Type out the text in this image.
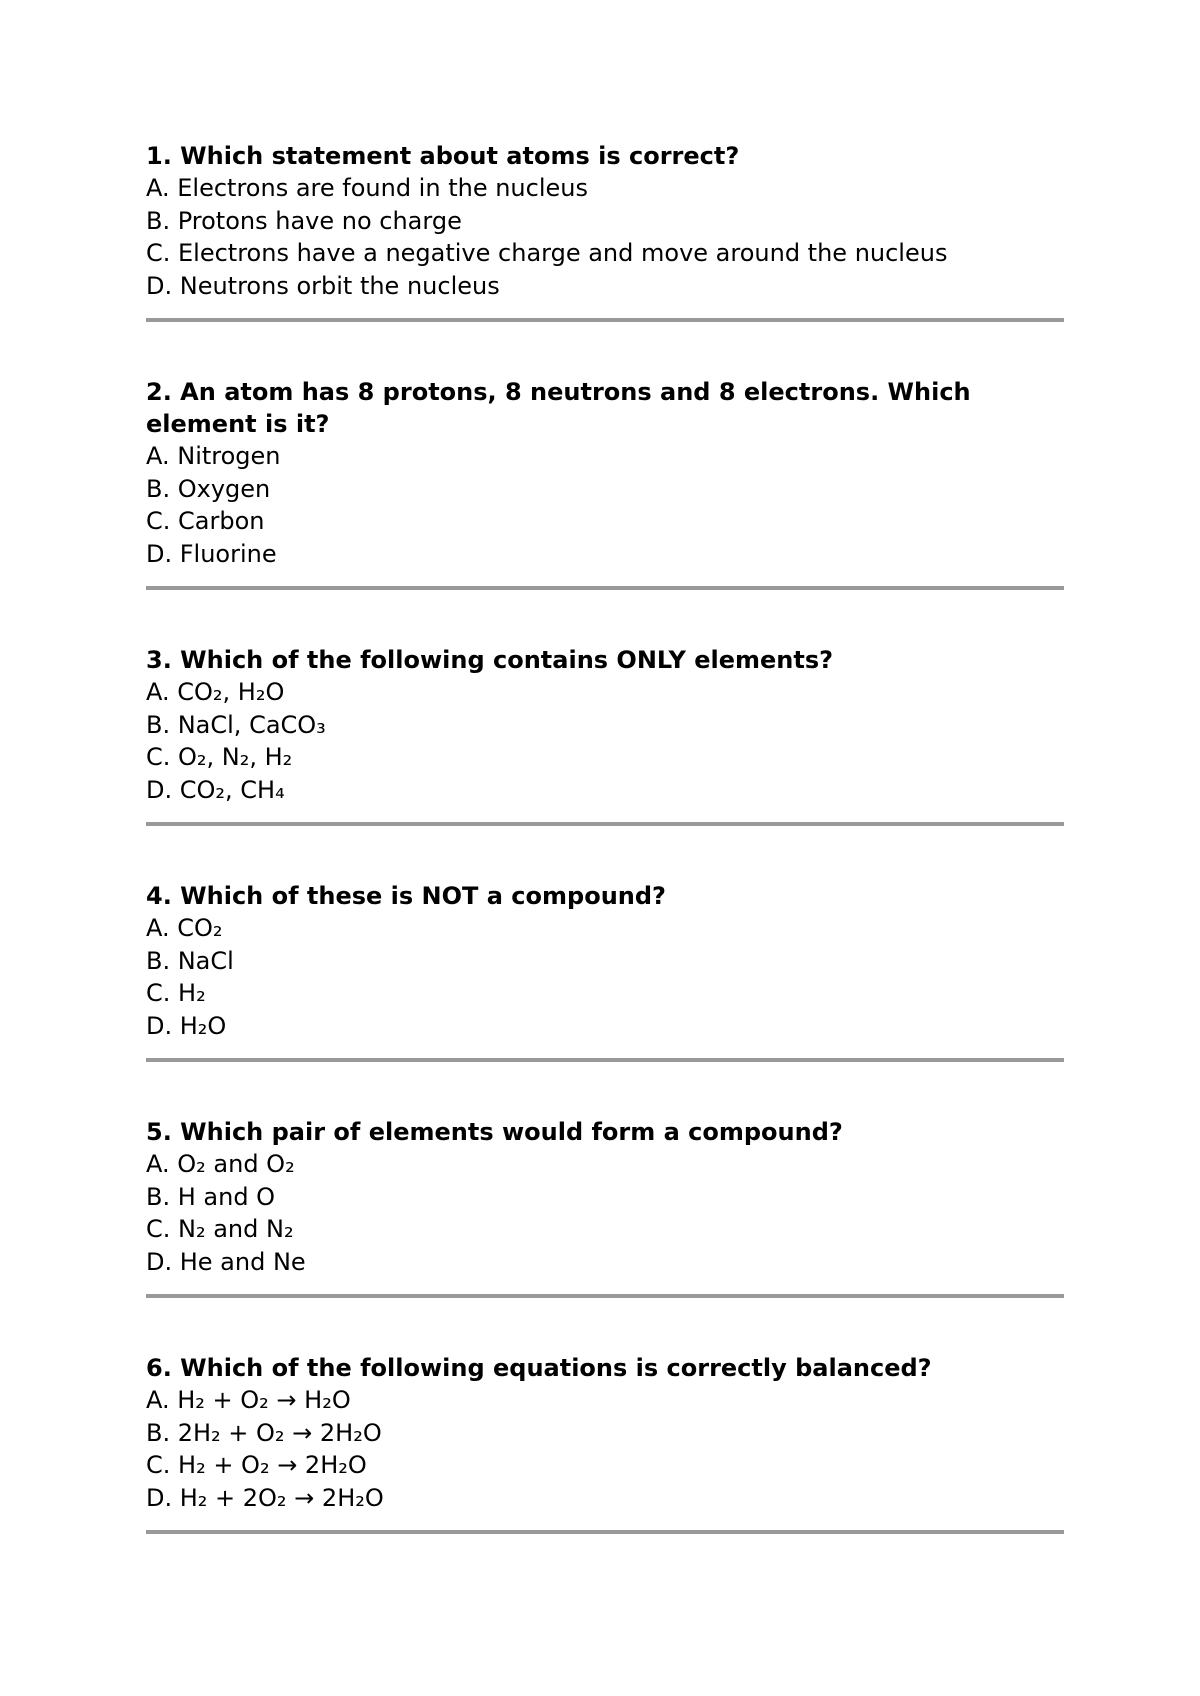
1. Which statement about atoms is correct?

A. Electrons are found in the nucleus
B. Protons have no charge
C. Electrons have a negative charge and move around the nucleus
D. Neutrons orbit the nucleus

2. An atom has 8 protons, 8 neutrons and 8 electrons. Which element is it?

A. Nitrogen
B. Oxygen
C. Carbon
D. Fluorine

3. Which of the following contains ONLY elements?

A. CO₂, H₂O
B. NaCl, CaCO₃
C. O₂, N₂, H₂
D. CO₂, CH₄

4. Which of these is NOT a compound?

A. CO₂
B. NaCl
C. H₂
D. H₂O

5. Which pair of elements would form a compound?

A. O₂ and O₂
B. H and O
C. N₂ and N₂
D. He and Ne

6. Which of the following equations is correctly balanced?

A. H₂ + O₂ → H₂O
B. 2H₂ + O₂ → 2H₂O
C. H₂ + O₂ → 2H₂O
D. H₂ + 2O₂ → 2H₂O
